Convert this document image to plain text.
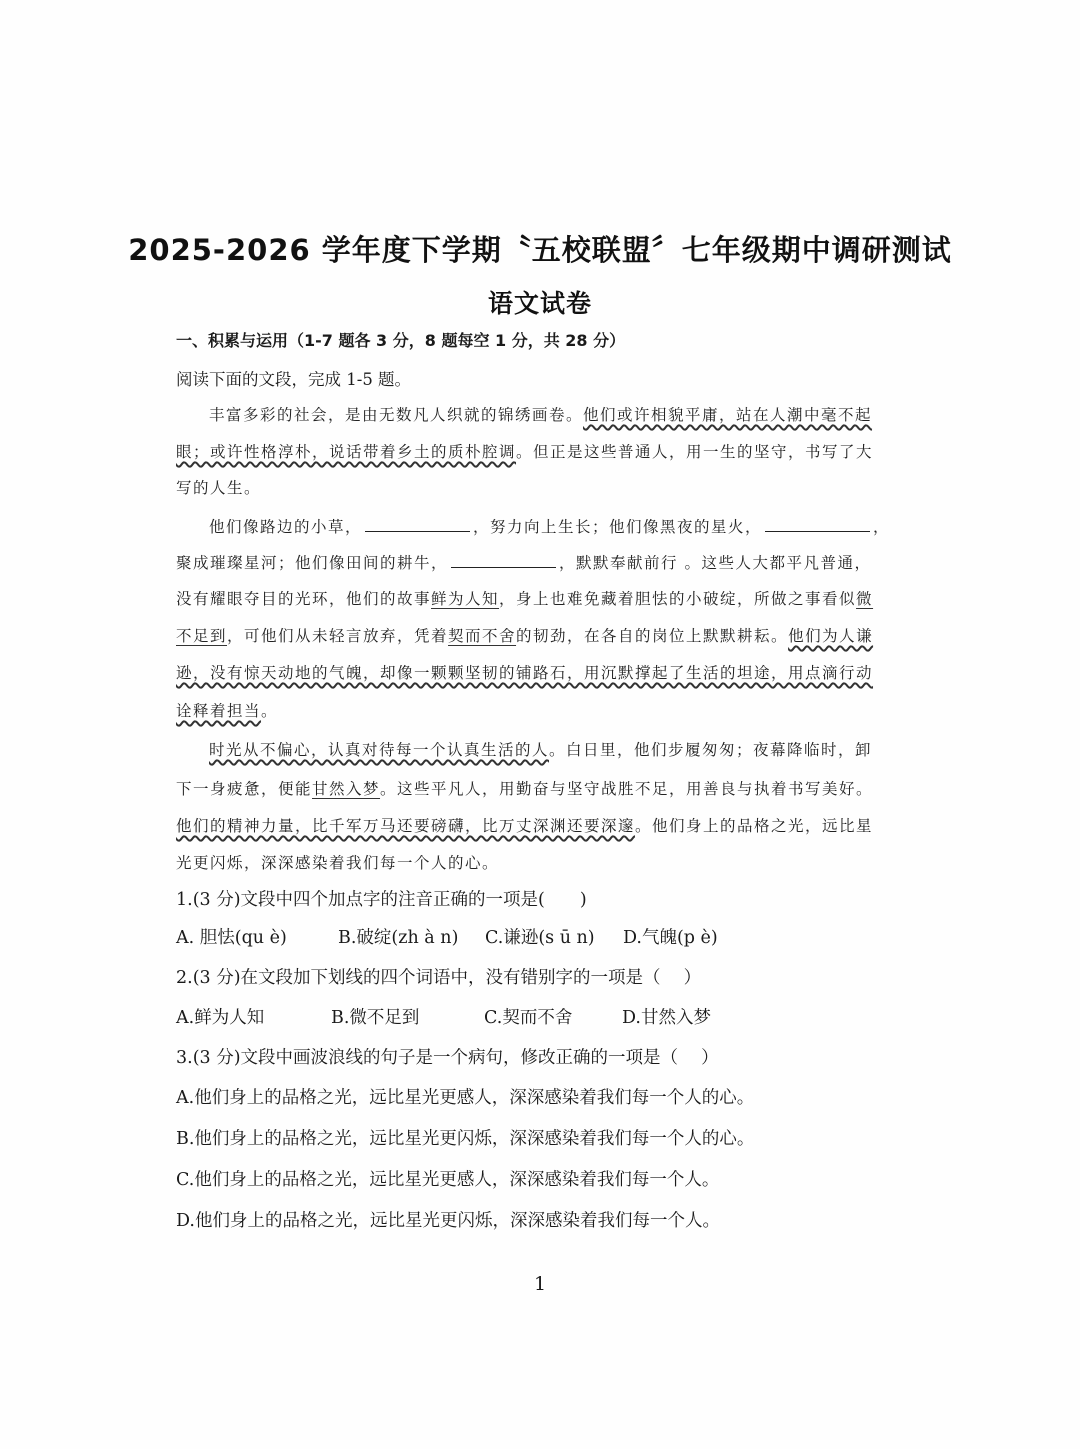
2025-2026 学年度下学期〝五校联盟〞七年级期中调研测试
语文试卷
一、积累与运用（1-7 题各 3 分，8 题每空 1 分，共 28 分）
阅读下面的文段，完成 1-5 题。
丰富多彩的社会，是由无数凡人织就的锦绣画卷。他们或许相貌平庸，站在人潮中毫不起
眼；或许性格淳朴，说话带着乡土的质朴腔调。但正是这些普通人，用一生的坚守，书写了大
写的人生。
他们像路边的小草，	，努力向上生长；他们像黑夜的星火，	，
聚成璀璨星河；他们像田间的耕牛，	，默默奉献前行 。这些人大都平凡普通，
没有耀眼夺目的光环，他们的故事鲜为人知，身上也难免藏着胆怯的小破绽，所做之事看似微
不足到，可他们从未轻言放弃，凭着契而不舍的韧劲，在各自的岗位上默默耕耘。他们为人谦
逊，没有惊天动地的气魄，却像一颗颗坚韧的铺路石，用沉默撑起了生活的坦途，用点滴行动
诠释着担当。
时光从不偏心，认真对待每一个认真生活的人。白日里，他们步履匆匆；夜幕降临时，卸
下一身疲惫，便能甘然入梦。这些平凡人，用勤奋与坚守战胜不足，用善良与执着书写美好。
他们的精神力量，比千军万马还要磅礴，比万丈深渊还要深邃。他们身上的品格之光，远比星
光更闪烁，深深感染着我们每一个人的心。
1.(3 分)文段中四个加点字的注音正确的一项是(　　)
A. 胆怯(qu è)	B.破绽(zh à n) C.谦逊(s ū n) D.气魄(p è)
2.(3 分)在文段加下划线的四个词语中，没有错别字的一项是（　 ）
A.鲜为人知	B.微不足到	C.契而不舍	D.甘然入梦
3.(3 分)文段中画波浪线的句子是一个病句，修改正确的一项是（　 ）
A.他们身上的品格之光，远比星光更感人，深深感染着我们每一个人的心。
B.他们身上的品格之光，远比星光更闪烁，深深感染着我们每一个人的心。
C.他们身上的品格之光，远比星光更感人，深深感染着我们每一个人。
D.他们身上的品格之光，远比星光更闪烁，深深感染着我们每一个人。
1
